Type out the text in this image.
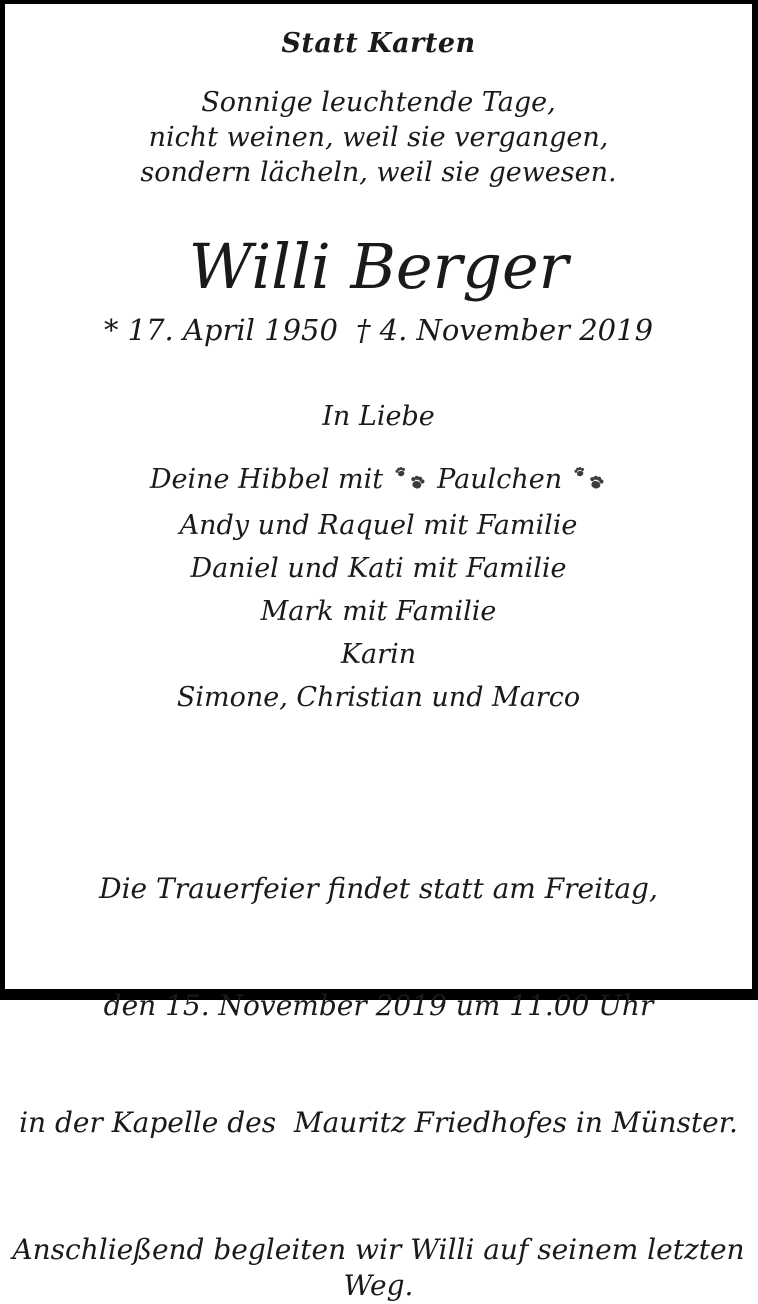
Statt Karten
Sonnige leuchtende Tage,
nicht weinen, weil sie vergangen,
sondern lächeln, weil sie gewesen.
Willi Berger
* 17. April 1950 † 4. November 2019
In Liebe
Deine Hibbel mit Paulchen
Andy und Raquel mit Familie
Daniel und Kati mit Familie
Mark mit Familie
Karin
Simone, Christian und Marco

Die Trauerfeier findet statt am Freitag,

den 15. November 2019 um 11.00 Uhr

in der Kapelle des  Mauritz Friedhofes in Münster.

Anschließend begleiten wir Willi auf seinem letzten Weg.
